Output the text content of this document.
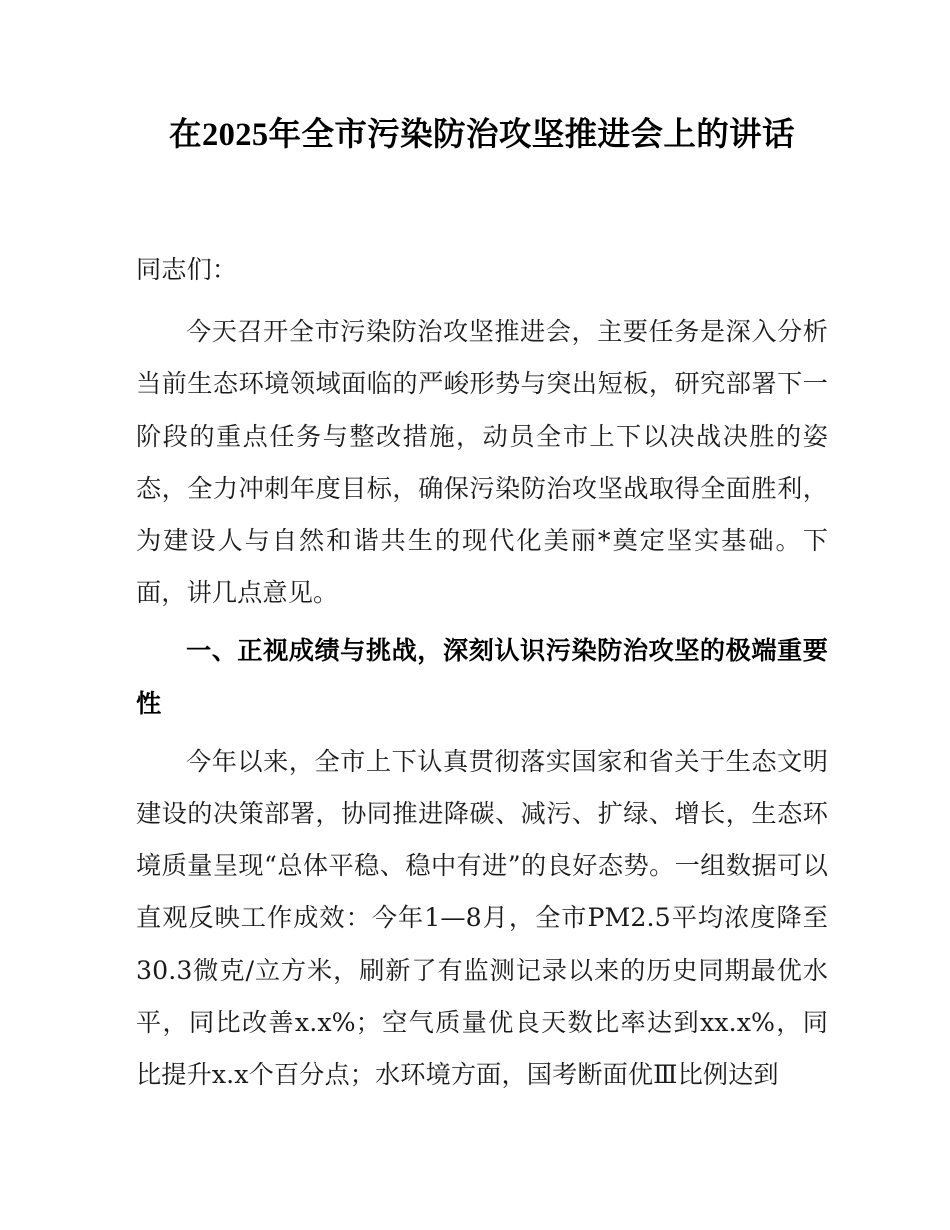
在2025年全市污染防治攻坚推进会上的讲话

同志们：

今天召开全市污染防治攻坚推进会，主要任务是深入分析当前生态环境领域面临的严峻形势与突出短板，研究部署下一阶段的重点任务与整改措施，动员全市上下以决战决胜的姿态，全力冲刺年度目标，确保污染防治攻坚战取得全面胜利，为建设人与自然和谐共生的现代化美丽*奠定坚实基础。下面，讲几点意见。

一、正视成绩与挑战，深刻认识污染防治攻坚的极端重要性

今年以来，全市上下认真贯彻落实国家和省关于生态文明建设的决策部署，协同推进降碳、减污、扩绿、增长，生态环境质量呈现“总体平稳、稳中有进”的良好态势。一组数据可以直观反映工作成效：今年1—8月，全市PM2.5平均浓度降至30.3微克/立方米，刷新了有监测记录以来的历史同期最优水平，同比改善x.x%；空气质量优良天数比率达到xx.x%，同比提升x.x个百分点；水环境方面，国考断面优Ⅲ比例达到
